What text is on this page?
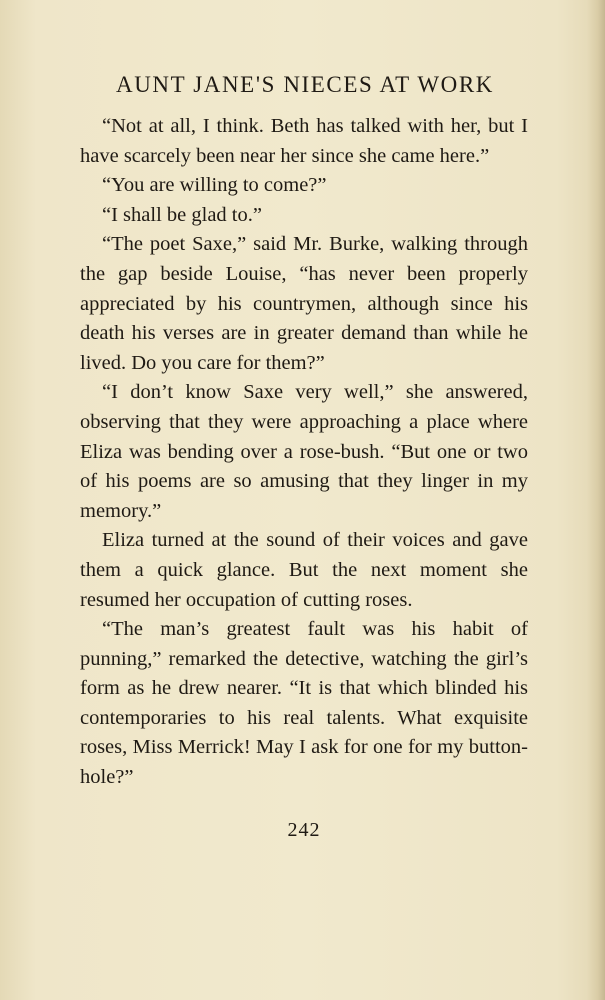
AUNT JANE'S NIECES AT WORK

“Not at all, I think. Beth has talked with her, but I have scarcely been near her since she came here.”

“You are willing to come?”

“I shall be glad to.”

“The poet Saxe,” said Mr. Burke, walking through the gap beside Louise, “has never been properly appreciated by his countrymen, although since his death his verses are in greater demand than while he lived. Do you care for them?”

“I don’t know Saxe very well,” she answered, observing that they were approaching a place where Eliza was bending over a rose-bush. “But one or two of his poems are so amusing that they linger in my memory.”

Eliza turned at the sound of their voices and gave them a quick glance. But the next moment she resumed her occupation of cutting roses.

“The man’s greatest fault was his habit of punning,” remarked the detective, watching the girl’s form as he drew nearer. “It is that which blinded his contemporaries to his real talents. What exquisite roses, Miss Merrick! May I ask for one for my button-hole?”

242
